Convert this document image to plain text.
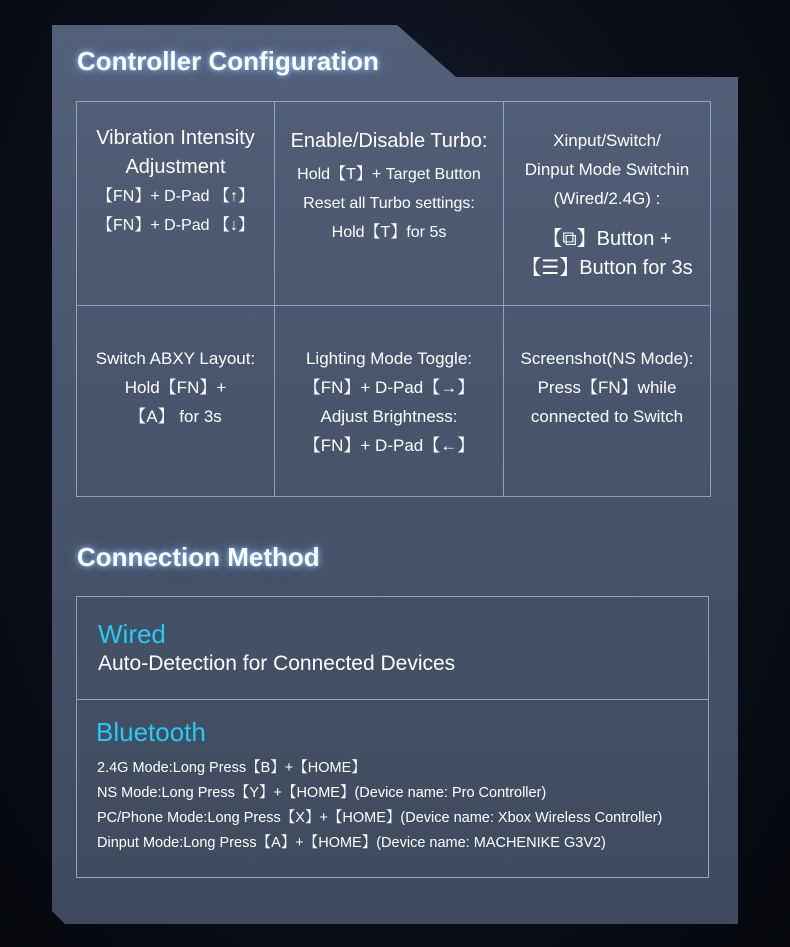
Controller Configuration

Vibration Intensity

Adjustment

【FN】+ D-Pad 【↑】

【FN】+ D-Pad 【↓】

Enable/Disable Turbo:

Hold【T】+ Target Button

Reset all Turbo settings:

Hold【T】for 5s

Xinput/Switch/

Dinput Mode Switchin

(Wired/2.4G) :

【⧉】Button +

【☰】Button for 3s

Switch ABXY Layout:

Hold【FN】+

【A】 for 3s

Lighting Mode Toggle:

【FN】+ D-Pad【→】

Adjust Brightness:

【FN】+ D-Pad【←】

Screenshot(NS Mode):

Press【FN】while

connected to Switch

Connection Method
Wired

Auto-Detection for Connected Devices

Bluetooth
2.4G Mode:Long Press【B】+【HOME】
NS Mode:Long Press【Y】+【HOME】(Device name: Pro Controller)
PC/Phone Mode:Long Press【X】+【HOME】(Device name: Xbox Wireless Controller)
Dinput Mode:Long Press【A】+【HOME】(Device name: MACHENIKE G3V2)
